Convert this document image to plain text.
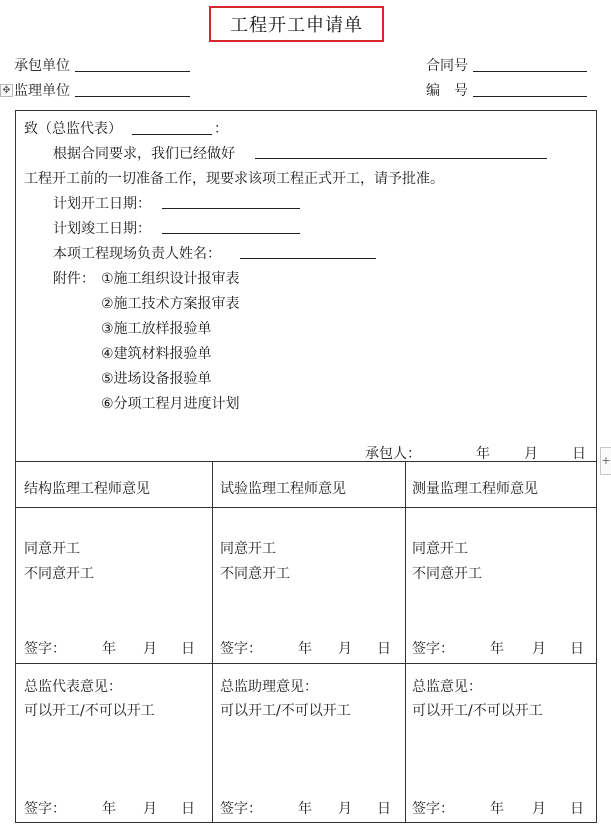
工程开工申请单
承包单位
监理单位
合同号
编　号
✥
+
致（总监代表）	：
根据合同要求，我们已经做好
工程开工前的一切准备工作，现要求该项工程正式开工，请予批准。
计划开工日期：
计划竣工日期：
本项工程现场负责人姓名：
附件： ①施工组织设计报审表
②施工技术方案报审表
③施工放样报验单
④建筑材料报验单
⑤进场设备报验单
⑥分项工程月进度计划
承包人：	年 月 日
结构监理工程师意见
同意开工
不同意开工
签字：	年 月 日
试验监理工程师意见
同意开工
不同意开工
签字：	年 月 日
测量监理工程师意见
同意开工
不同意开工
签字：	年 月 日
总监代表意见：
可以开工/不可以开工
签字：	年 月 日
总监助理意见：
可以开工/不可以开工
签字：	年 月 日
总监意见：
可以开工/不可以开工
签字：	年 月 日
